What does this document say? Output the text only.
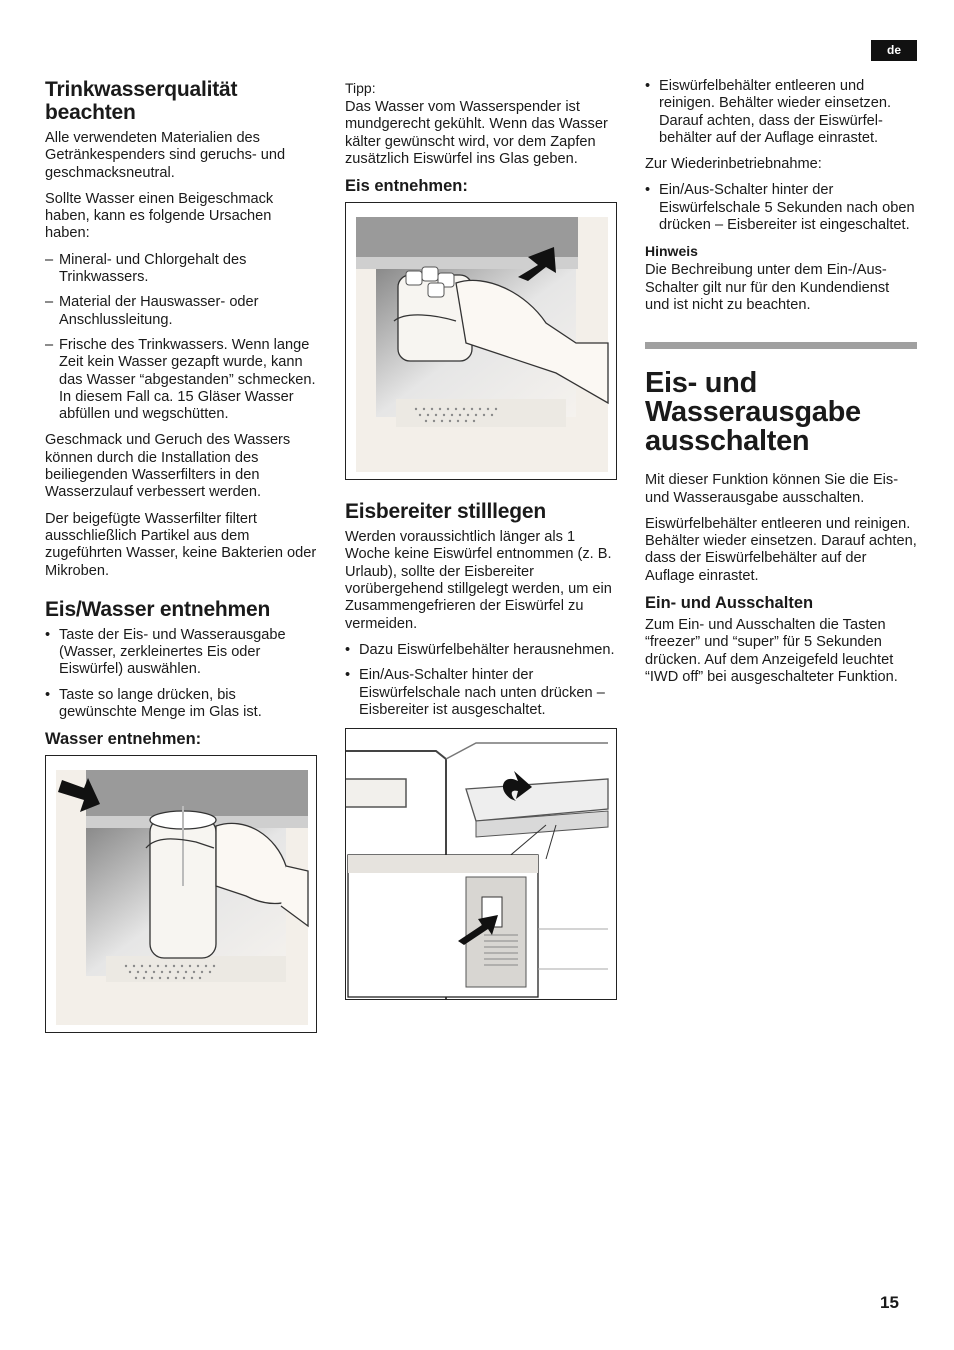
de
Trinkwasserqualität
beachten

Alle verwendeten Materialien des Getränkespenders sind geruchs- und geschmacksneutral.

Sollte Wasser einen Beigeschmack haben, kann es folgende Ursachen haben:

– Mineral- und Chlorgehalt des Trinkwassers.
– Material der Hauswasser- oder Anschlussleitung.
– Frische des Trinkwassers. Wenn lange Zeit kein Wasser gezapft wurde, kann das Wasser “abgestanden” schmecken.
In diesem Fall ca. 15 Gläser Wasser abfüllen und wegschütten.

Geschmack und Geruch des Wassers können durch die Installation des beiliegenden Wasserfilters in den Wasserzulauf verbessert werden.

Der beigefügte Wasserfilter filtert ausschließlich Partikel aus dem zugeführten Wasser, keine Bakterien oder Mikroben.

Eis/Wasser entnehmen
• Taste der Eis- und Wasserausgabe (Wasser, zerkleinertes Eis oder Eiswürfel) auswählen.
• Taste so lange drücken, bis gewünschte Menge im Glas ist.
Wasser entnehmen:
Tipp:

Das Wasser vom Wasserspender ist mundgerecht gekühlt. Wenn das Wasser kälter gewünscht wird, vor dem Zapfen zusätzlich Eiswürfel ins Glas geben.

Eis entnehmen:
Eisbereiter stilllegen

Werden voraussichtlich länger als 1 Woche keine Eiswürfel entnommen (z. B. Urlaub), sollte der Eisbereiter vorübergehend stillgelegt werden, um ein Zusammengefrieren der Eiswürfel zu vermeiden.

• Dazu Eiswürfelbehälter herausnehmen.
• Ein/Aus-Schalter hinter der Eiswürfelschale nach unten drücken – Eisbereiter ist ausgeschaltet.
• Eiswürfelbehälter entleeren und reinigen. Behälter wieder einsetzen. Darauf achten, dass der Eiswürfel-behälter auf der Auflage einrastet.

Zur Wiederinbetriebnahme:

• Ein/Aus-Schalter hinter der Eiswürfelschale 5 Sekunden nach oben drücken – Eisbereiter ist eingeschaltet.
Hinweis

Die Bechreibung unter dem Ein-/Aus-Schalter gilt nur für den Kundendienst und ist nicht zu beachten.

Eis- und
Wasserausgabe
ausschalten

Mit dieser Funktion können Sie die Eis- und Wasserausgabe ausschalten.

Eiswürfelbehälter entleeren und reinigen. Behälter wieder einsetzen. Darauf achten, dass der Eiswürfelbehälter auf der Auflage einrastet.

Ein- und Ausschalten

Zum Ein- und Ausschalten die Tasten “freezer” und “super” für 5 Sekunden drücken. Auf dem Anzeigefeld leuchtet “IWD off” bei ausgeschalteter Funktion.

15
